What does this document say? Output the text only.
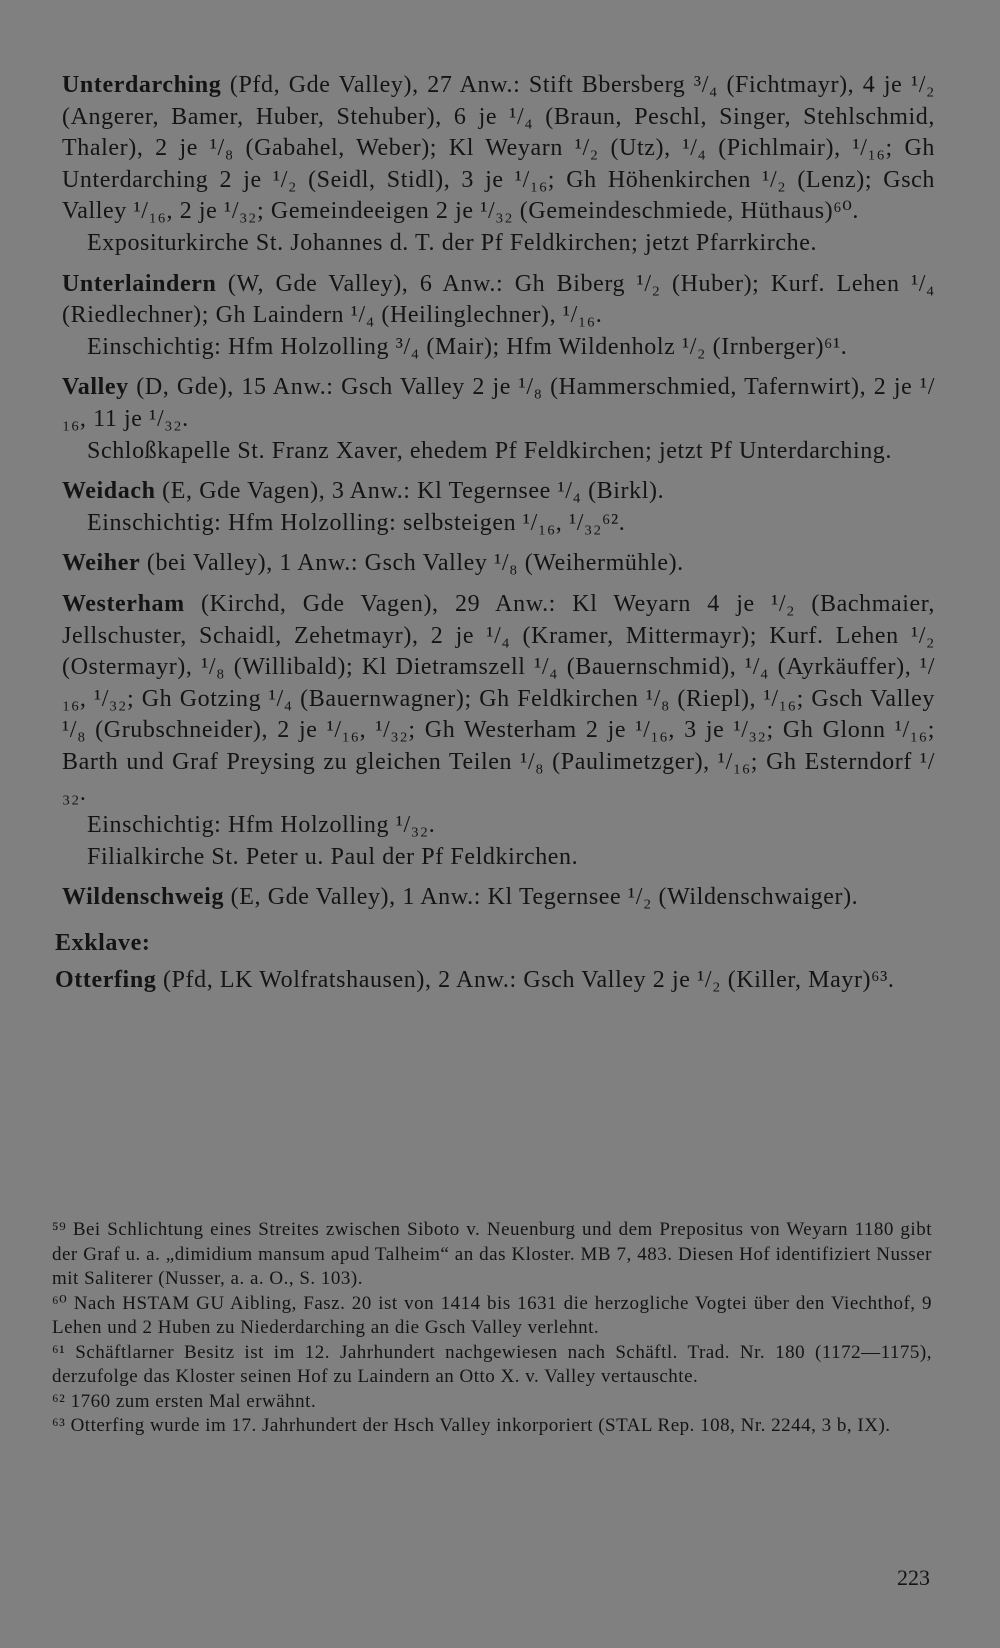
Unterdarching (Pfd, Gde Valley), 27 Anw.: Stift Bbersberg ³/₄ (Fichtmayr), 4 je ¹/₂ (Angerer, Bamer, Huber, Stehuber), 6 je ¹/₄ (Braun, Peschl, Singer, Stehlschmid, Thaler), 2 je ¹/₈ (Gabahel, Weber); Kl Weyarn ¹/₂ (Utz), ¹/₄ (Pichlmair), ¹/₁₆; Gh Unterdarching 2 je ¹/₂ (Seidl, Stidl), 3 je ¹/₁₆; Gh Höhenkirchen ¹/₂ (Lenz); Gsch Valley ¹/₁₆, 2 je ¹/₃₂; Gemeindeeigen 2 je ¹/₃₂ (Gemeindeschmiede, Hüthaus)⁶⁰.
Expositurkirche St. Johannes d. T. der Pf Feldkirchen; jetzt Pfarrkirche.
Unterlaindern (W, Gde Valley), 6 Anw.: Gh Biberg ¹/₂ (Huber); Kurf. Lehen ¹/₄ (Riedlechner); Gh Laindern ¹/₄ (Heilinglechner), ¹/₁₆.
Einschichtig: Hfm Holzolling ³/₄ (Mair); Hfm Wildenholz ¹/₂ (Irnberger)⁶¹.
Valley (D, Gde), 15 Anw.: Gsch Valley 2 je ¹/₈ (Hammerschmied, Tafernwirt), 2 je ¹/₁₆, 11 je ¹/₃₂.
Schloßkapelle St. Franz Xaver, ehedem Pf Feldkirchen; jetzt Pf Unterdarching.
Weidach (E, Gde Vagen), 3 Anw.: Kl Tegernsee ¹/₄ (Birkl).
Einschichtig: Hfm Holzolling: selbsteigen ¹/₁₆, ¹/₃₂⁶².
Weiher (bei Valley), 1 Anw.: Gsch Valley ¹/₈ (Weihermühle).
Westerham (Kirchd, Gde Vagen), 29 Anw.: Kl Weyarn 4 je ¹/₂ (Bachmaier, Jellschuster, Schaidl, Zehetmayr), 2 je ¹/₄ (Kramer, Mittermayr); Kurf. Lehen ¹/₂ (Ostermayr), ¹/₈ (Willibald); Kl Dietramszell ¹/₄ (Bauernschmid), ¹/₄ (Ayrkäuffer), ¹/₁₆, ¹/₃₂; Gh Gotzing ¹/₄ (Bauernwagner); Gh Feldkirchen ¹/₈ (Riepl), ¹/₁₆; Gsch Valley ¹/₈ (Grubschneider), 2 je ¹/₁₆, ¹/₃₂; Gh Westerham 2 je ¹/₁₆, 3 je ¹/₃₂; Gh Glonn ¹/₁₆; Barth und Graf Preysing zu gleichen Teilen ¹/₈ (Paulimetzger), ¹/₁₆; Gh Esterndorf ¹/₃₂.
Einschichtig: Hfm Holzolling ¹/₃₂.
Filialkirche St. Peter u. Paul der Pf Feldkirchen.
Wildenschweig (E, Gde Valley), 1 Anw.: Kl Tegernsee ¹/₂ (Wildenschwaiger).
Exklave:
Otterfing (Pfd, LK Wolfratshausen), 2 Anw.: Gsch Valley 2 je ¹/₂ (Killer, Mayr)⁶³.

⁵⁹ Bei Schlichtung eines Streites zwischen Siboto v. Neuenburg und dem Prepositus von Weyarn 1180 gibt der Graf u. a. „dimidium mansum apud Talheim“ an das Kloster. MB 7, 483. Diesen Hof identifiziert Nusser mit Saliterer (Nusser, a. a. O., S. 103).

⁶⁰ Nach HSTAM GU Aibling, Fasz. 20 ist von 1414 bis 1631 die herzogliche Vogtei über den Viechthof, 9 Lehen und 2 Huben zu Niederdarching an die Gsch Valley verlehnt.

⁶¹ Schäftlarner Besitz ist im 12. Jahrhundert nachgewiesen nach Schäftl. Trad. Nr. 180 (1172—1175), derzufolge das Kloster seinen Hof zu Laindern an Otto X. v. Valley vertauschte.

⁶² 1760 zum ersten Mal erwähnt.

⁶³ Otterfing wurde im 17. Jahrhundert der Hsch Valley inkorporiert (STAL Rep. 108, Nr. 2244, 3 b, IX).

223
